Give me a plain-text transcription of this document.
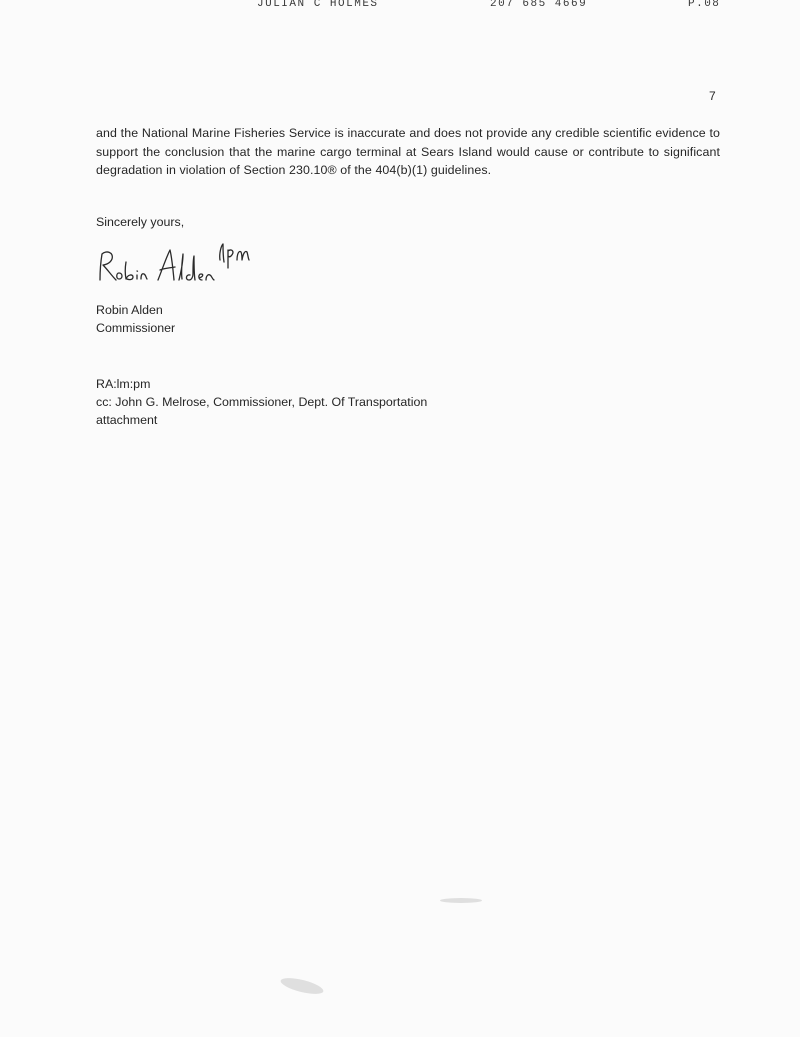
JULIAN C HOLMES	207 685 4669	P.08
7

and the National Marine Fisheries Service is inaccurate and does not provide any credible scientific evidence to support the conclusion that the marine cargo terminal at Sears Island would cause or contribute to significant degradation in violation of Section 230.10® of the 404(b)(1) guidelines.

Sincerely yours,
Robin Alden
Commissioner
RA:lm:pm
cc: John G. Melrose, Commissioner, Dept. Of Transportation
attachment
